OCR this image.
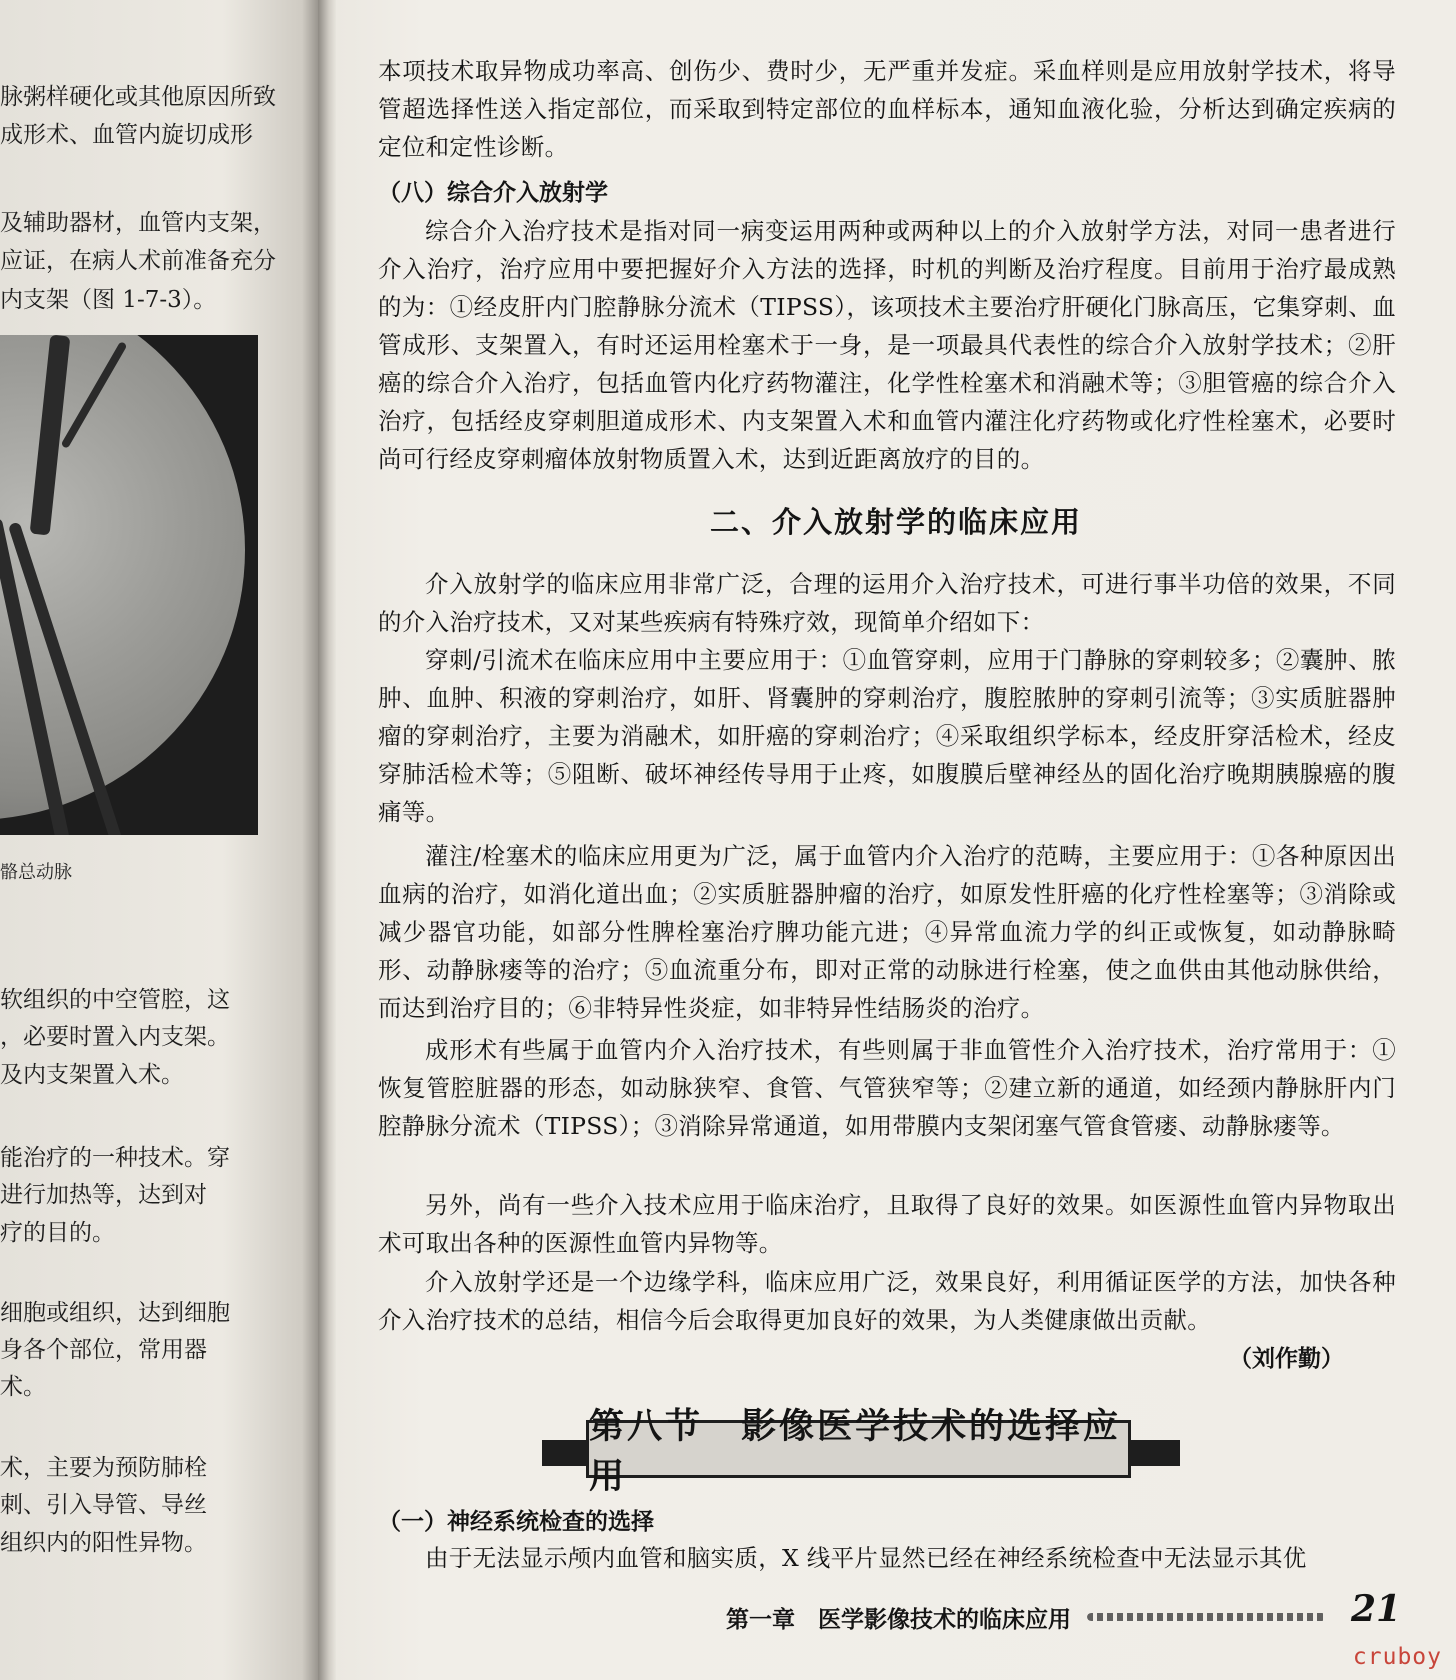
脉粥样硬化或其他原因所致
成形术、血管内旋切成形
及辅助器材，血管内支架，
应证，在病人术前准备充分
内支架（图 1-7-3）。
骼总动脉
软组织的中空管腔，这
，必要时置入内支架。
及内支架置入术。
能治疗的一种技术。穿
进行加热等，达到对
疗的目的。
细胞或组织，达到细胞
身各个部位，常用器
术。
术，主要为预防肺栓
刺、引入导管、导丝
组织内的阳性异物。

本项技术取异物成功率高、创伤少、费时少，无严重并发症。采血样则是应用放射学技术，将导管超选择性送入指定部位，而采取到特定部位的血样标本，通知血液化验，分析达到确定疾病的定位和定性诊断。

（八）综合介入放射学

综合介入治疗技术是指对同一病变运用两种或两种以上的介入放射学方法，对同一患者进行介入治疗，治疗应用中要把握好介入方法的选择，时机的判断及治疗程度。目前用于治疗最成熟的为：①经皮肝内门腔静脉分流术（TIPSS），该项技术主要治疗肝硬化门脉高压，它集穿刺、血管成形、支架置入，有时还运用栓塞术于一身，是一项最具代表性的综合介入放射学技术；②肝癌的综合介入治疗，包括血管内化疗药物灌注，化学性栓塞术和消融术等；③胆管癌的综合介入治疗，包括经皮穿刺胆道成形术、内支架置入术和血管内灌注化疗药物或化疗性栓塞术，必要时尚可行经皮穿刺瘤体放射物质置入术，达到近距离放疗的目的。

二、介入放射学的临床应用

介入放射学的临床应用非常广泛，合理的运用介入治疗技术，可进行事半功倍的效果，不同的介入治疗技术，又对某些疾病有特殊疗效，现简单介绍如下：

穿刺/引流术在临床应用中主要应用于：①血管穿刺，应用于门静脉的穿刺较多；②囊肿、脓肿、血肿、积液的穿刺治疗，如肝、肾囊肿的穿刺治疗，腹腔脓肿的穿刺引流等；③实质脏器肿瘤的穿刺治疗，主要为消融术，如肝癌的穿刺治疗；④采取组织学标本，经皮肝穿活检术，经皮穿肺活检术等；⑤阻断、破坏神经传导用于止疼，如腹膜后壁神经丛的固化治疗晚期胰腺癌的腹痛等。

灌注/栓塞术的临床应用更为广泛，属于血管内介入治疗的范畴，主要应用于：①各种原因出血病的治疗，如消化道出血；②实质脏器肿瘤的治疗，如原发性肝癌的化疗性栓塞等；③消除或减少器官功能，如部分性脾栓塞治疗脾功能亢进；④异常血流力学的纠正或恢复，如动静脉畸形、动静脉瘘等的治疗；⑤血流重分布，即对正常的动脉进行栓塞，使之血供由其他动脉供给，而达到治疗目的；⑥非特异性炎症，如非特异性结肠炎的治疗。

成形术有些属于血管内介入治疗技术，有些则属于非血管性介入治疗技术，治疗常用于：①恢复管腔脏器的形态，如动脉狭窄、食管、气管狭窄等；②建立新的通道，如经颈内静脉肝内门腔静脉分流术（TIPSS）；③消除异常通道，如用带膜内支架闭塞气管食管瘘、动静脉瘘等。

另外，尚有一些介入技术应用于临床治疗，且取得了良好的效果。如医源性血管内异物取出术可取出各种的医源性血管内异物等。

介入放射学还是一个边缘学科，临床应用广泛，效果良好，利用循证医学的方法，加快各种介入治疗技术的总结，相信今后会取得更加良好的效果，为人类健康做出贡献。

（刘作勤）
第八节　影像医学技术的选择应用

（一）神经系统检查的选择

由于无法显示颅内血管和脑实质，X 线平片显然已经在神经系统检查中无法显示其优

第一章　医学影像技术的临床应用	21
cruboy
